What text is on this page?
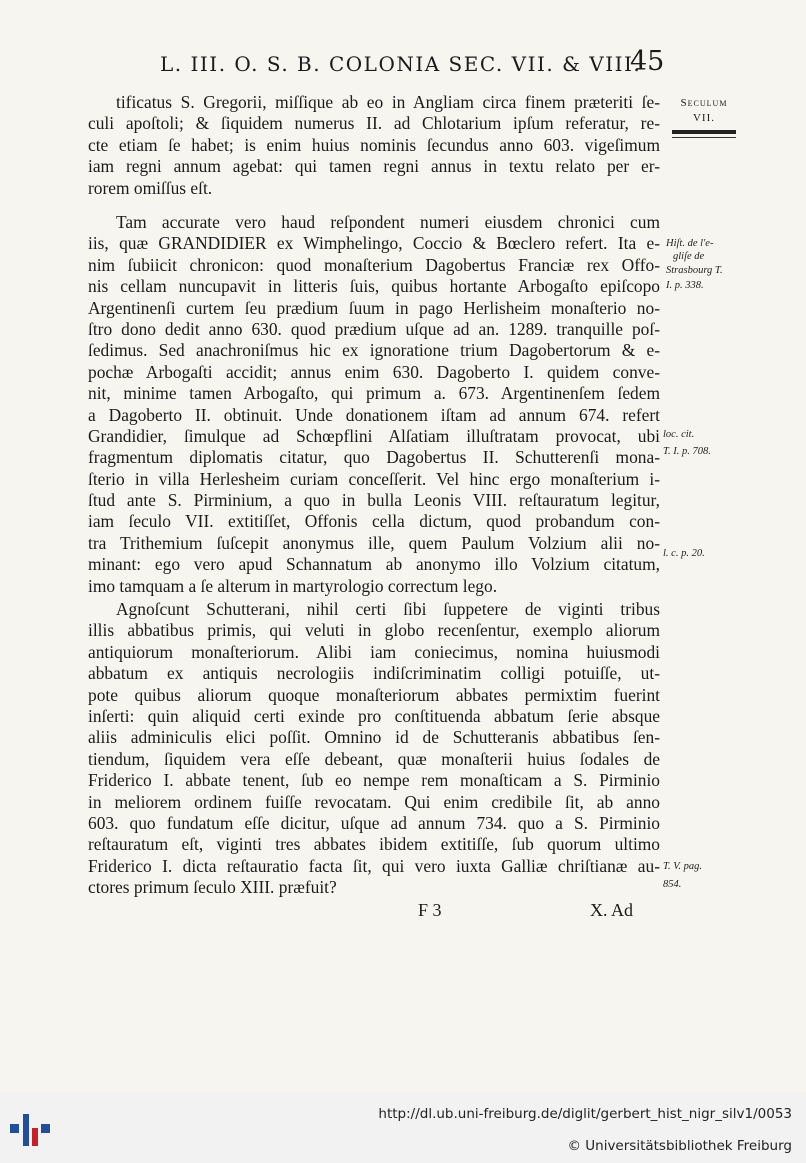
L. III. O. S. B. COLONIA SEC. VII. & VIII.
45
Seculum
VII.
tificatus S. Gregorii, miſſique ab eo in Angliam circa finem præteriti ſe-
culi apoſtoli; & ſiquidem numerus II. ad Chlotarium ipſum referatur, re-
cte etiam ſe habet; is enim huius nominis ſecundus anno 603. vigeſimum
iam regni annum agebat: qui tamen regni annus in textu relato per er-
rorem omiſſus eſt.
Tam accurate vero haud reſpondent numeri eiusdem chronici cum
iis, quæ GRANDIDIER ex Wimphelingo, Coccio & Bœclero refert. Ita e-
nim ſubiicit chronicon: quod monaſterium Dagobertus Franciæ rex Offo-
nis cellam nuncupavit in litteris ſuis, quibus hortante Arbogaſto epiſcopo
Argentinenſi curtem ſeu prædium ſuum in pago Herlisheim monaſterio no-
ſtro dono dedit anno 630. quod prædium uſque ad an. 1289. tranquille poſ-
ſedimus. Sed anachroniſmus hic ex ignoratione trium Dagobertorum & e-
pochæ Arbogaſti accidit; annus enim 630. Dagoberto I. quidem conve-
nit, minime tamen Arbogaſto, qui primum a. 673. Argentinenſem ſedem
a Dagoberto II. obtinuit. Unde donationem iſtam ad annum 674. refert
Grandidier, ſimulque ad Schœpflini Alſatiam illuſtratam provocat, ubi
fragmentum diplomatis citatur, quo Dagobertus II. Schutterenſi mona-
ſterio in villa Herlesheim curiam conceſſerit. Vel hinc ergo monaſterium i-
ſtud ante S. Pirminium, a quo in bulla Leonis VIII. reſtauratum legitur,
iam ſeculo VII. extitiſſet, Offonis cella dictum, quod probandum con-
tra Trithemium ſuſcepit anonymus ille, quem Paulum Volzium alii no-
minant: ego vero apud Schannatum ab anonymo illo Volzium citatum,
imo tamquam a ſe alterum in martyrologio correctum lego.
Agnoſcunt Schutterani, nihil certi ſibi ſuppetere de viginti tribus
illis abbatibus primis, qui veluti in globo recenſentur, exemplo aliorum
antiquiorum monaſteriorum. Alibi iam coniecimus, nomina huiusmodi
abbatum ex antiquis necrologiis indiſcriminatim colligi potuiſſe, ut-
pote quibus aliorum quoque monaſteriorum abbates permixtim fuerint
inſerti: quin aliquid certi exinde pro conſtituenda abbatum ſerie absque
aliis adminiculis elici poſſit. Omnino id de Schutteranis abbatibus ſen-
tiendum, ſiquidem vera eſſe debeant, quæ monaſterii huius ſodales de
Friderico I. abbate tenent, ſub eo nempe rem monaſticam a S. Pirminio
in meliorem ordinem fuiſſe revocatam. Qui enim credibile ſit, ab anno
603. quo fundatum eſſe dicitur, uſque ad annum 734. quo a S. Pirminio
reſtauratum eſt, viginti tres abbates ibidem extitiſſe, ſub quorum ultimo
Friderico I. dicta reſtauratio facta ſit, qui vero iuxta Galliæ chriſtianæ au-
ctores primum ſeculo XIII. præfuit?
Hiſt. de l'e-
gliſe de
Strasbourg T.
I. p. 338.
loc. cit.
T. I. p. 708.
l. c. p. 20.
T. V. pag.
854.
F 3	X. Ad
http://dl.ub.uni-freiburg.de/diglit/gerbert_hist_nigr_silv1/0053
© Universitätsbibliothek Freiburg
